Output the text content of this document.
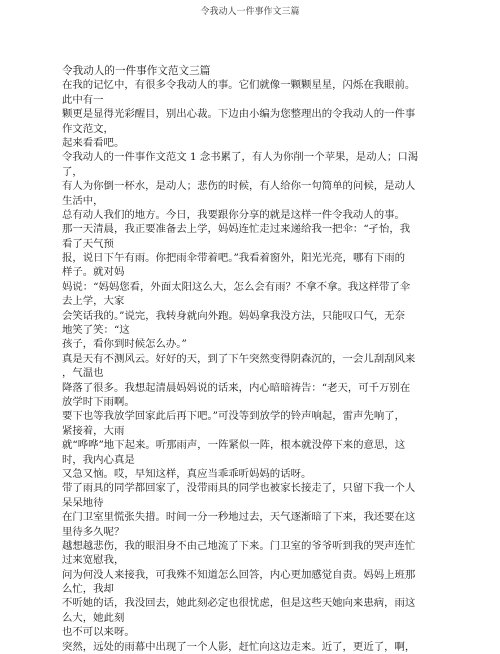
令我动人一件事作文三篇
令我动人的一件事作文范文三篇
在我的记忆中，有很多令我动人的事。它们就像一颗颗星星，闪烁在我眼前。
此中有一
颗更是显得光彩醒目，别出心裁。下边由小编为您整理出的令我动人的一件事
作文范文，
起来看看吧。
令我动人的一件事作文范文 1 念书累了，有人为你削一个苹果，是动人；口渴
了，
有人为你倒一杯水，是动人；悲伤的时候，有人给你一句简单的问候，是动人
生活中，
总有动人我们的地方。今日，我要跟你分享的就是这样一件令我动人的事。
那一天清晨，我正要准备去上学，妈妈连忙走过来递给我一把伞：“孑怡，我
看了天气预
报，说日下午有雨。你把雨伞带着吧。”我看着窗外，阳光光亮，哪有下雨的
样子。就对妈
妈说：“妈妈您看，外面太阳这么大，怎么会有雨？不拿不拿。我这样带了伞
去上学，大家
会笑话我的。”说完，我转身就向外跑。妈妈拿我没方法，只能叹口气，无奈
地笑了笑：“这
孩子，看你到时候怎么办。”
真是天有不测风云。好好的天，到了下午突然变得阴森沉的，一会儿刮刮风来
，气温也
降落了很多。我想起清晨妈妈说的话来，内心暗暗祷告：“老天，可千万别在
放学时下雨啊。
要下也等我放学回家此后再下吧。”可没等到放学的铃声响起，雷声先响了，
紧接着，大雨
就“哗哗”地下起来。听那雨声，一阵紧似一阵，根本就没停下来的意思，这
时，我内心真是
又急又恼。哎，早知这样，真应当乖乖听妈妈的话呀。
带了雨具的同学都回家了，没带雨具的同学也被家长接走了，只留下我一个人
呆呆地待
在门卫室里慌张失措。时间一分一秒地过去，天气逐渐暗了下来，我还要在这
里待多久呢？
越想越悲伤，我的眼泪身不由己地流了下来。门卫室的爷爷听到我的哭声连忙
过来宽慰我，
问为何没人来接我，可我殊不知道怎么回答，内心更加感觉自责。妈妈上班那
么忙，我却
不听她的话，我没回去，她此刻必定也很忧虑，但是这些天她向来患病，雨这
么大，她此刻
也不可以来呀。
突然，远处的雨幕中出现了一个人影，赶忙向这边走来。近了，更近了，啊，
